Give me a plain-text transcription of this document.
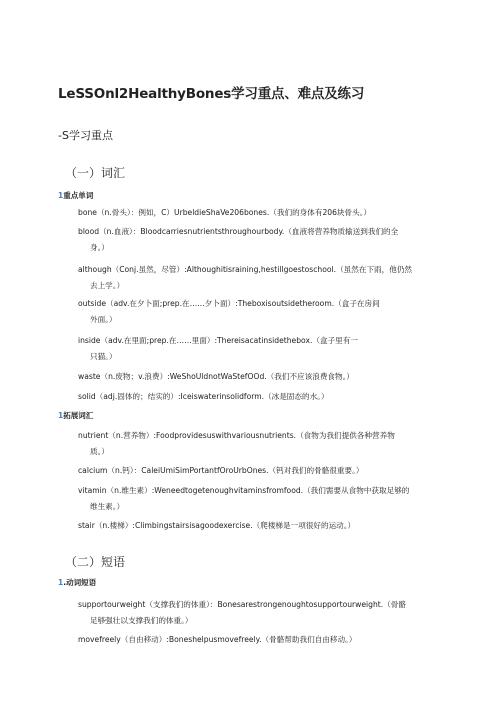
LeSSOnl2HealthyBones学习重点、难点及练习
-S学习重点
（一）词汇
1重点单词
bone（n.骨头）：例如，C）UrbeldieShaVe206bones.（我们的身体有206块骨头。）
blood（n.血液）：Bloodcarriesnutrientsthroughourbody.（血液将营养物质输送到我们的全
身。）
although（Conj.虽然，尽管）:Althoughitisraining,hestillgoestoschool.（虽然在下雨，他仍然
去上学。）
outside（adv.在夕卜面;prep.在……夕卜面）:Theboxisoutsidetheroom.（盒子在房间
外面。）
inside（adv.在里面;prep.在……里面）:Thereisacatinsidethebox.（盒子里有一
只猫。）
waste（n.废物；v.浪费）:WeShoUldnotWaStefOOd.（我们不应该浪费食物。）
solid（adj.固体的；结实的）:Iceiswaterinsolidform.（冰是固态的水。）
1拓展词汇
nutrient（n.营养物）:Foodprovidesuswithvariousnutrients.（食物为我们提供各种营养物
质。）
calcium（n.钙）：CaleiUmiSimPortantfOroUrbOnes.（钙对我们的骨骼很重要。）
vitamin（n.维生素）:Weneedtogetenoughvitaminsfromfood.（我们需要从食物中获取足够的
维生素。）
stair（n.楼梯）:Climbingstairsisagoodexercise.（爬楼梯是一项很好的运动。）
（二）短语
1.动词短语
supportourweight（支撑我们的体重）：Bonesarestrongenoughtosupportourweight.（骨骼
足够强壮以支撑我们的体重。）
movefreely（自由移动）:Boneshelpusmovefreely.（骨骼帮助我们自由移动。）
